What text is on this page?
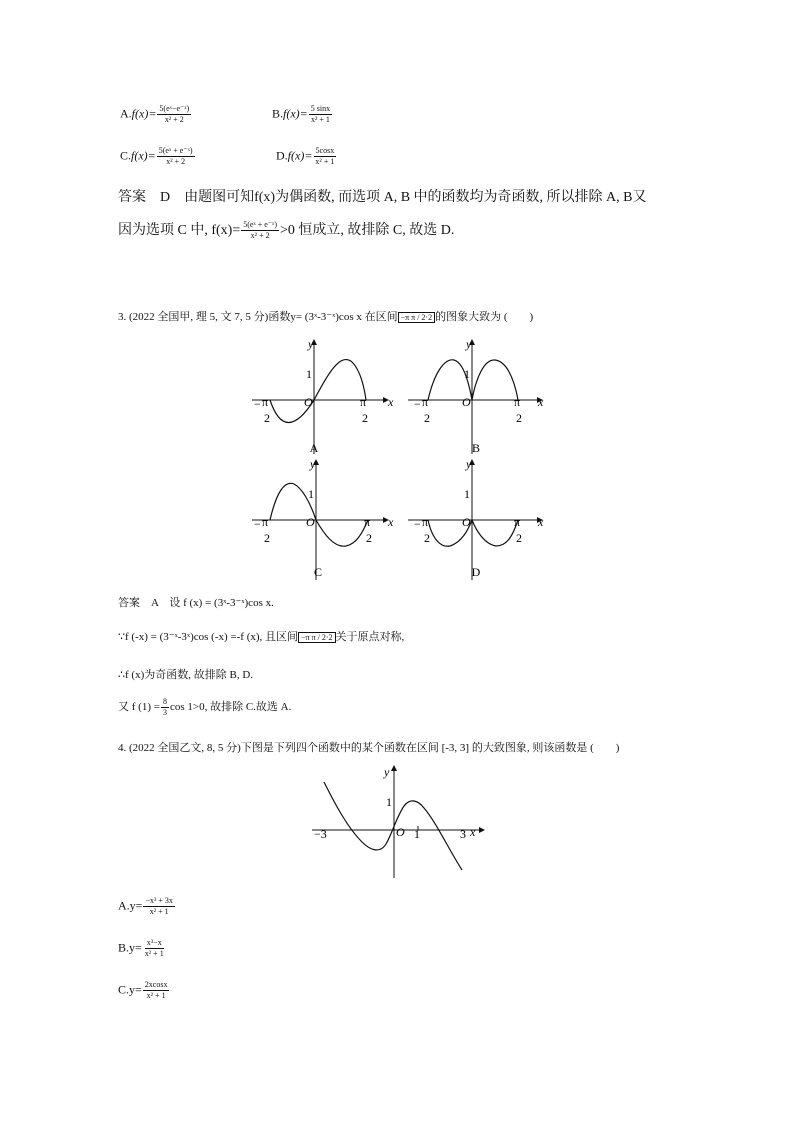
$A.f(x)= \frac{\text{5(eˣ−e⁻ˣ)}}{\text{x² + 2}}$	$B.f(x)= \frac{5 \sin x}{\text{x² + 1}}$
$C.f(x)= \frac{\text{5(eˣ + e⁻ˣ)}}{\text{x² + 2}}$	$D.f(x)= \frac{5\cos x}{\text{x² + 1}}$
答案　D　由题图可知f(x)为偶函数, 而选项 A, B 中的函数均为奇函数, 所以排除 A, B又
因为选项 C 中, $f(x)= \frac{\text{5(eˣ + e⁻ˣ)}}{\text{x² + 2}} >0$ 恒成立, 故排除 C, 故选 D.
3. (2022 全国甲, 理 5, 文 7, 5 分)函数y= (3ˣ-3⁻ˣ)cos x 在区间 −π π / 2·2 的图象大致为 (　　)
y
x
O
1
− π
2
π
2
A
y
x
O
1
− π
2
π
2
B
y
x
O
1
− π
2
π
2
C
y
x
O
1
− π
2
π
2
D
答案　A　设 f (x) = (3ˣ-3⁻ˣ)cos x.
∵f (-x) = (3⁻ˣ-3ˣ)cos (-x) =-f (x), 且区间 −π π / 2·2 关于原点对称,
∴f (x)为奇函数, 故排除 B, D.
又 f $(1) = \frac{8}{3}$ cos 1>0, 故排除 C.故选 A.
4. (2022 全国乙文, 8, 5 分)下图是下列四个函数中的某个函数在区间 [-3, 3] 的大致图象, 则该函数是 (　　)
y
x
O
1
−3	1	3
$A.y= \frac{\text{−x³ + 3x}}{\text{x² + 1}}$
$B.y= \frac{\text{x³−x}}{\text{x² + 1}}$
$C.y= \frac{2xcosx}{\text{x² + 1}}$
